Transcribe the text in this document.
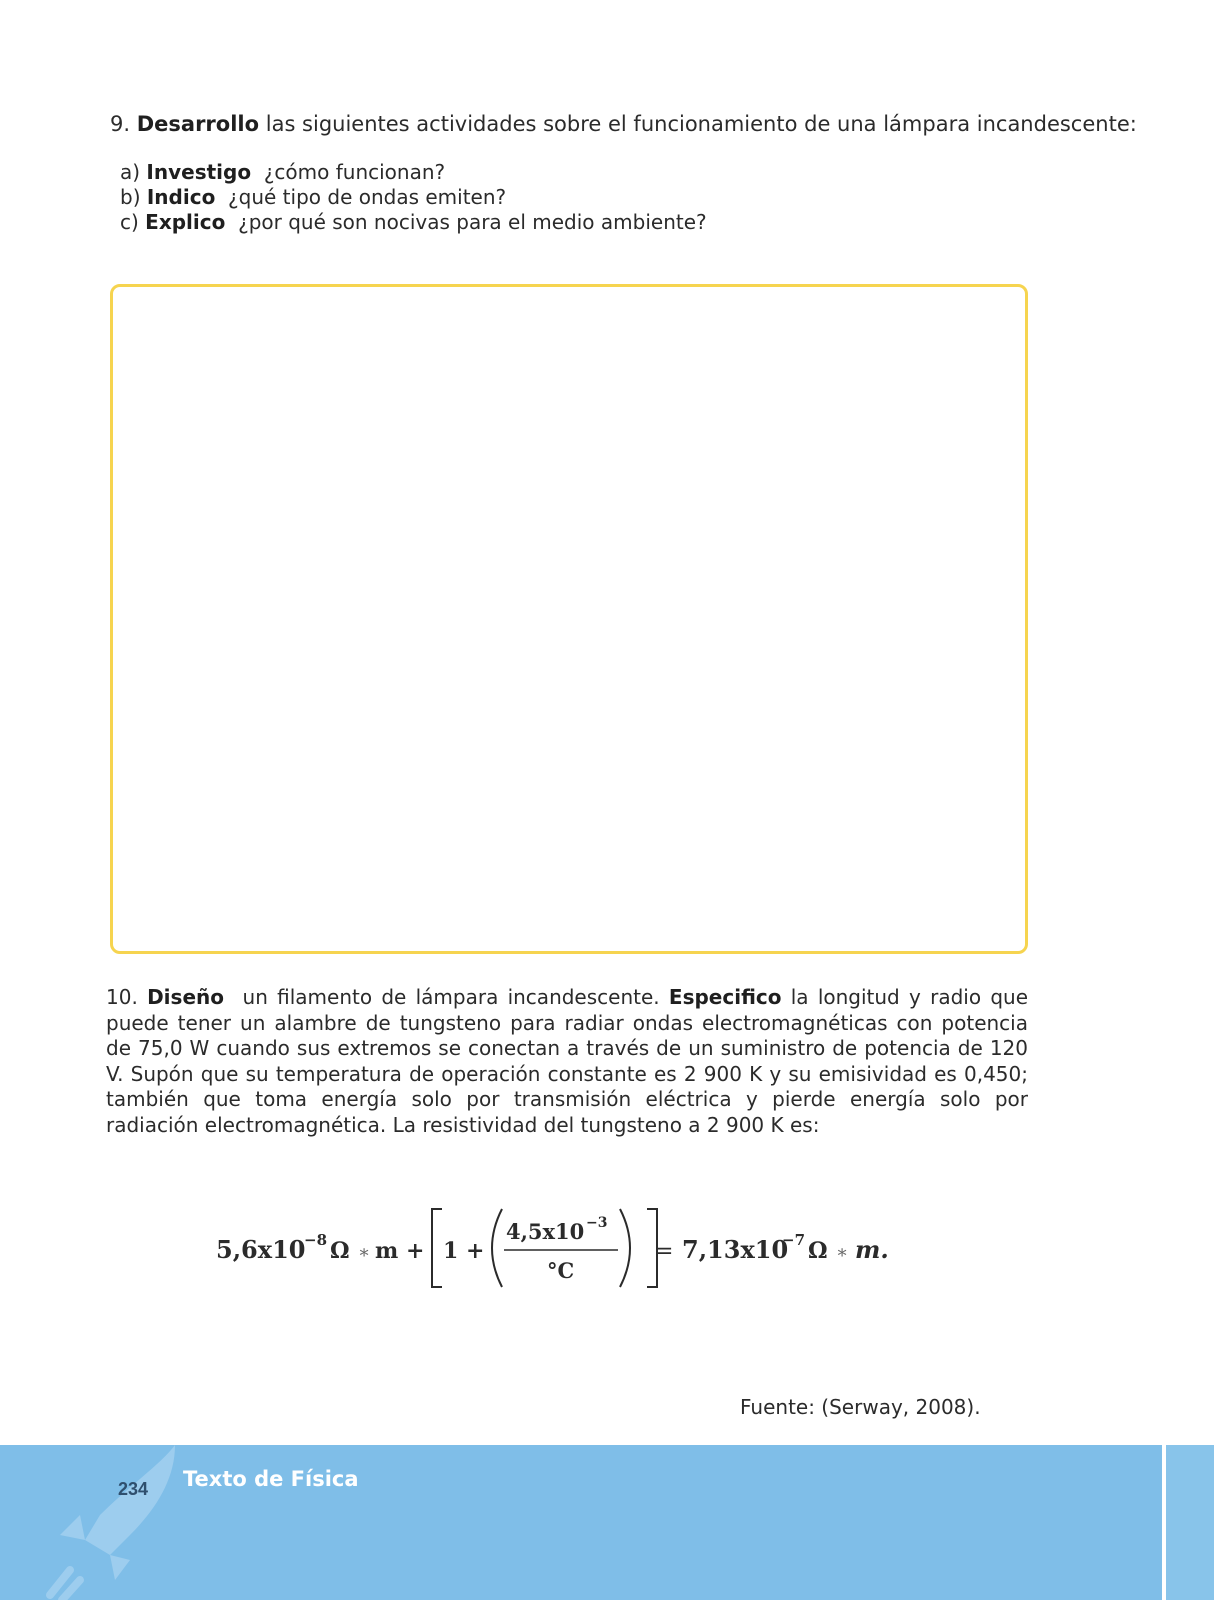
9. Desarrollo las siguientes actividades sobre el funcionamiento de una lámpara incandescente:
a) Investigo ¿cómo funcionan?
b) Indico ¿qué tipo de ondas emiten?
c) Explico ¿por qué son nocivas para el medio ambiente?
10. Diseño un filamento de lámpara incandescente. Especifico la longitud y radio que puede tener un alambre de tungsteno para radiar ondas electromagnéticas con potencia de 75,0 W cuando sus extremos se conectan a través de un suministro de potencia de 120 V. Supón que su temperatura de operación constante es 2 900 K y su emisividad es 0,450; también que toma energía solo por transmisión eléctrica y pierde energía solo por radiación electromagnética. La resistividad del tungsteno a 2 900 K es:
5,6x10
−8 Ω ∗ m + 1 +
4,5x10 −3
°C
= 7,13x10
−7 Ω ∗ m.
Fuente: (Serway, 2008).
234 Texto de Física
